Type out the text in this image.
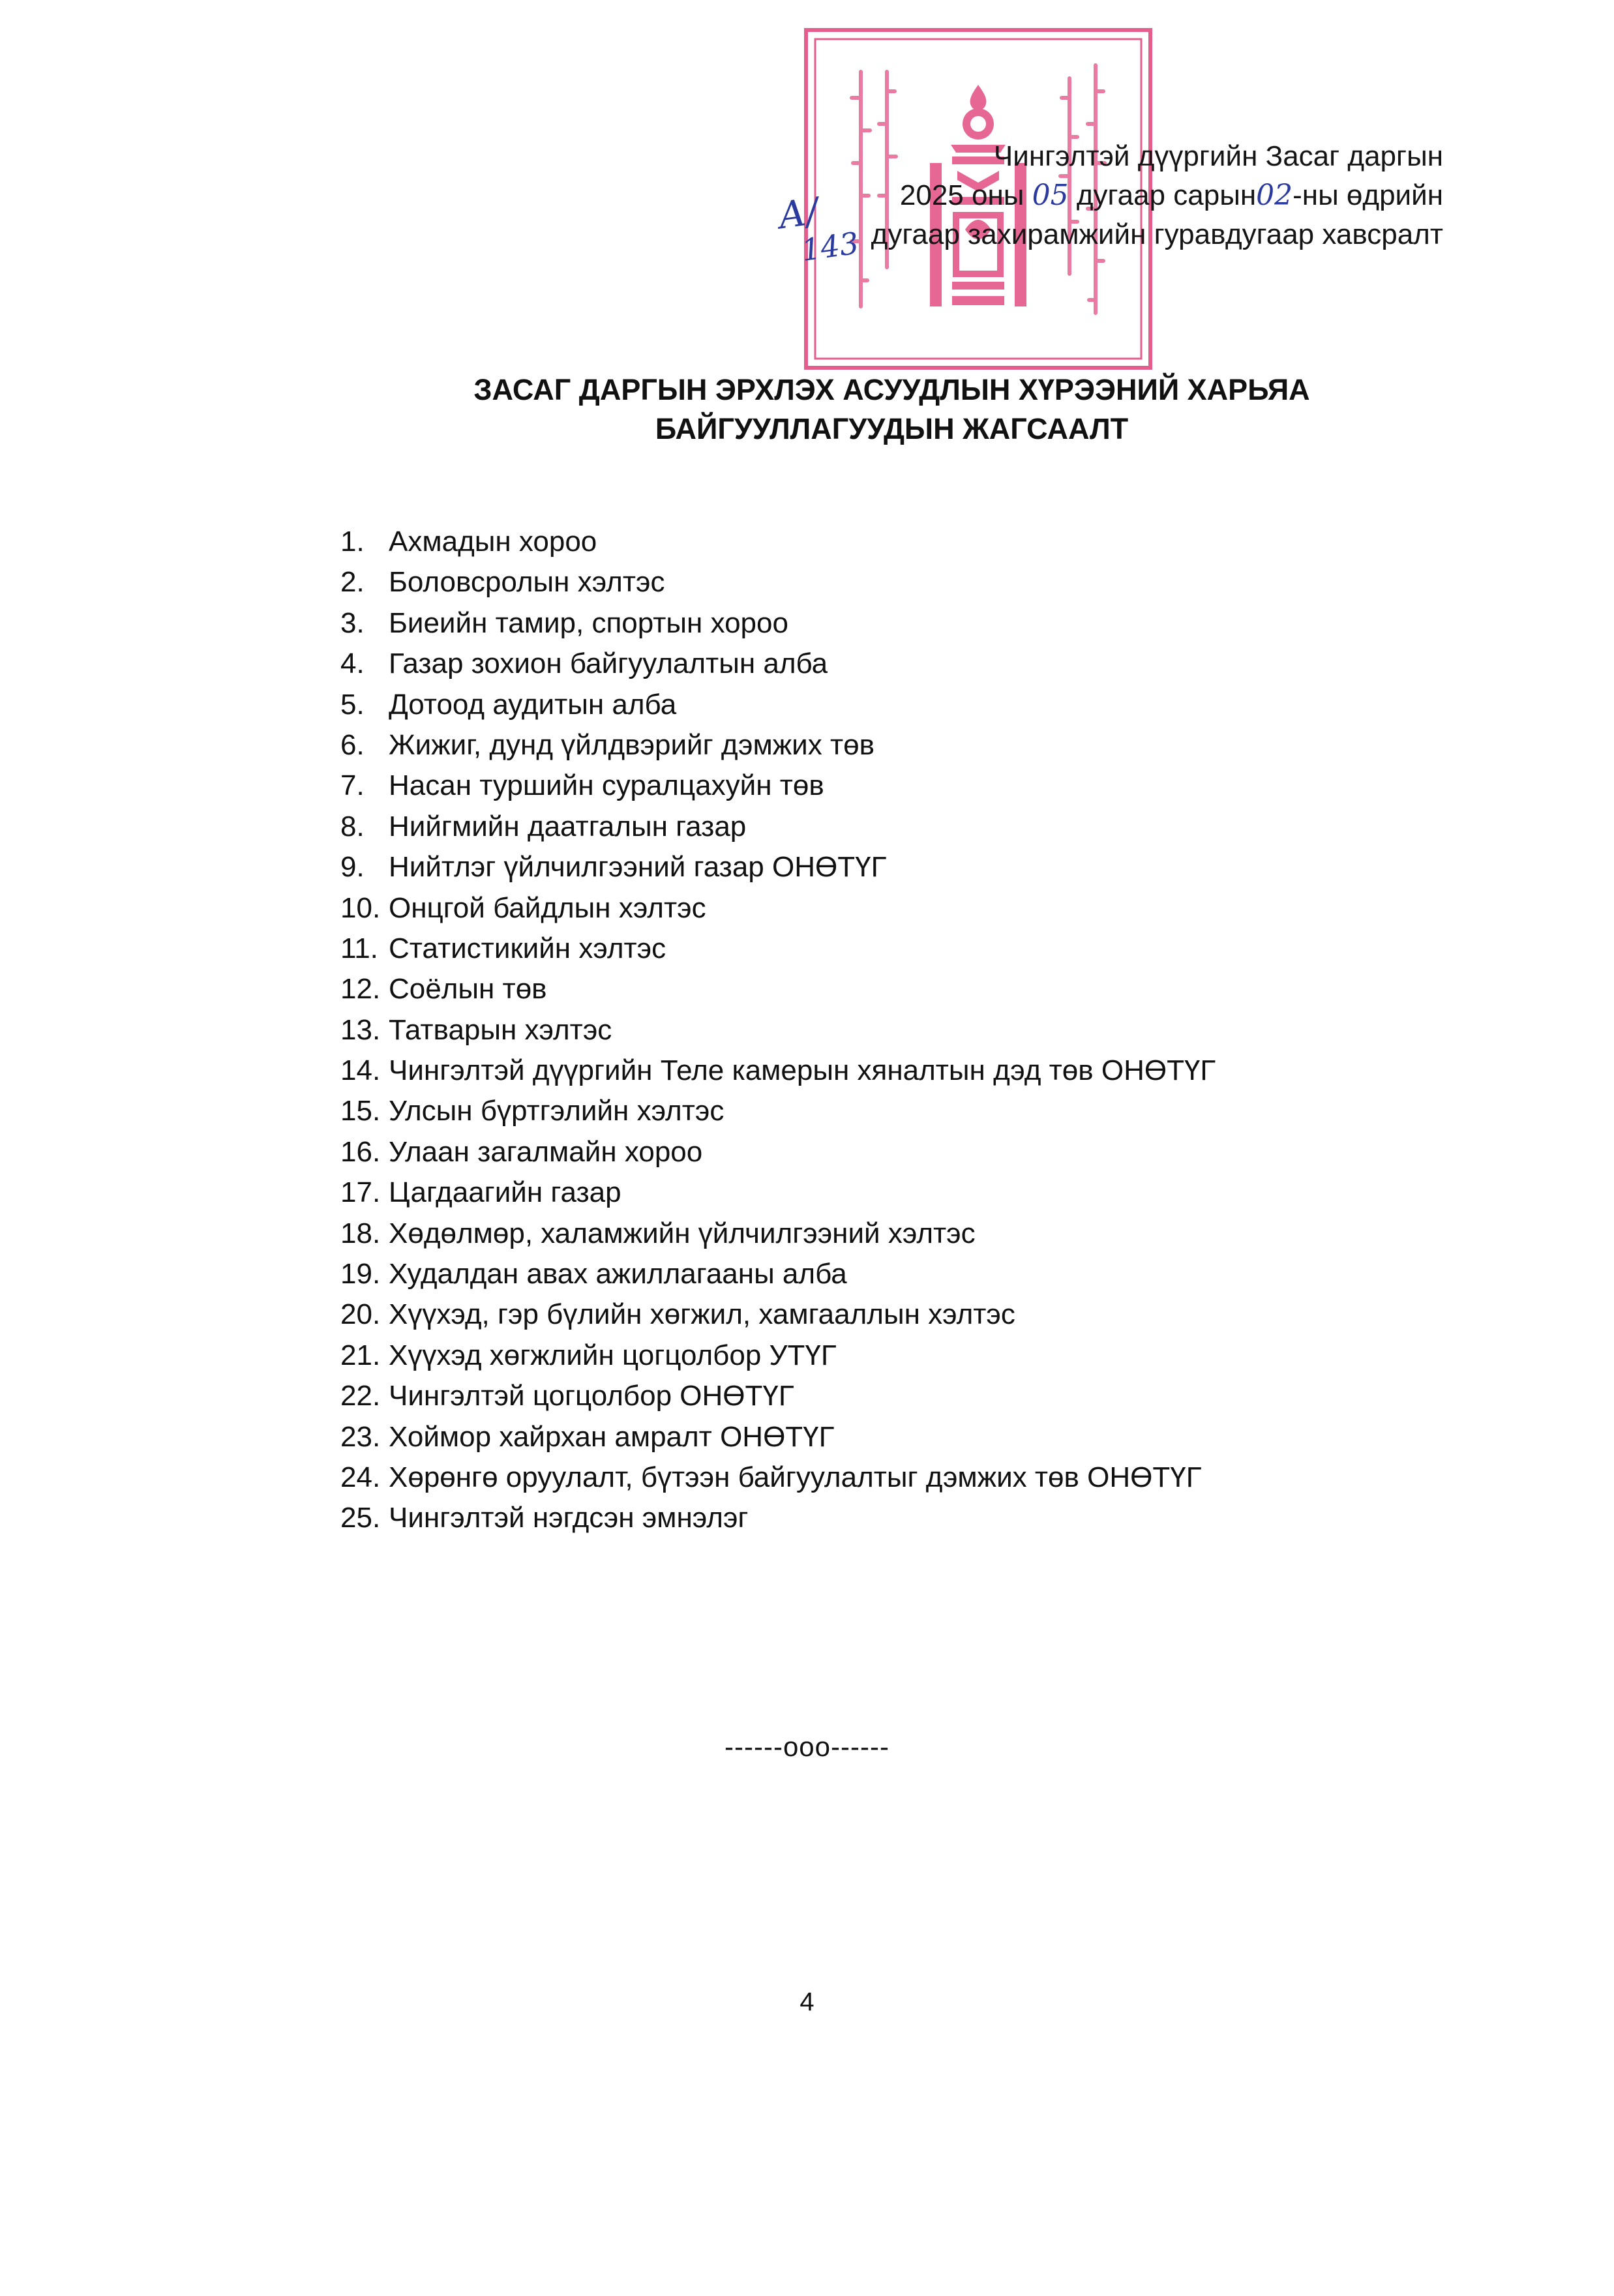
А/
143
Чингэлтэй дүүргийн Засаг даргын
2025 оны 05 дугаар сарын02-ны өдрийн
дугаар захирамжийн гуравдугаар хавсралт
ЗАСАГ ДАРГЫН ЭРХЛЭХ АСУУДЛЫН ХҮРЭЭНИЙ ХАРЬЯА
БАЙГУУЛЛАГУУДЫН ЖАГСААЛТ
1. Ахмадын хороо
2. Боловсролын хэлтэс
3. Биеийн тамир, спортын хороо
4. Газар зохион байгуулалтын алба
5. Дотоод аудитын алба
6. Жижиг, дунд үйлдвэрийг дэмжих төв
7. Насан туршийн суралцахуйн төв
8. Нийгмийн даатгалын газар
9. Нийтлэг үйлчилгээний газар ОНӨТҮГ
10. Онцгой байдлын хэлтэс
11. Статистикийн хэлтэс
12. Соёлын төв
13. Татварын хэлтэс
14. Чингэлтэй дүүргийн Теле камерын хяналтын дэд төв ОНӨТҮГ
15. Улсын бүртгэлийн хэлтэс
16. Улаан загалмайн хороо
17. Цагдаагийн газар
18. Хөдөлмөр, халамжийн үйлчилгээний хэлтэс
19. Худалдан авах ажиллагааны алба
20. Хүүхэд, гэр бүлийн хөгжил, хамгааллын хэлтэс
21. Хүүхэд хөгжлийн цогцолбор УТҮГ
22. Чингэлтэй цогцолбор ОНӨТҮГ
23. Хоймор хайрхан амралт ОНӨТҮГ
24. Хөрөнгө оруулалт, бүтээн байгуулалтыг дэмжих төв ОНӨТҮГ
25. Чингэлтэй нэгдсэн эмнэлэг
------ooo------
4
